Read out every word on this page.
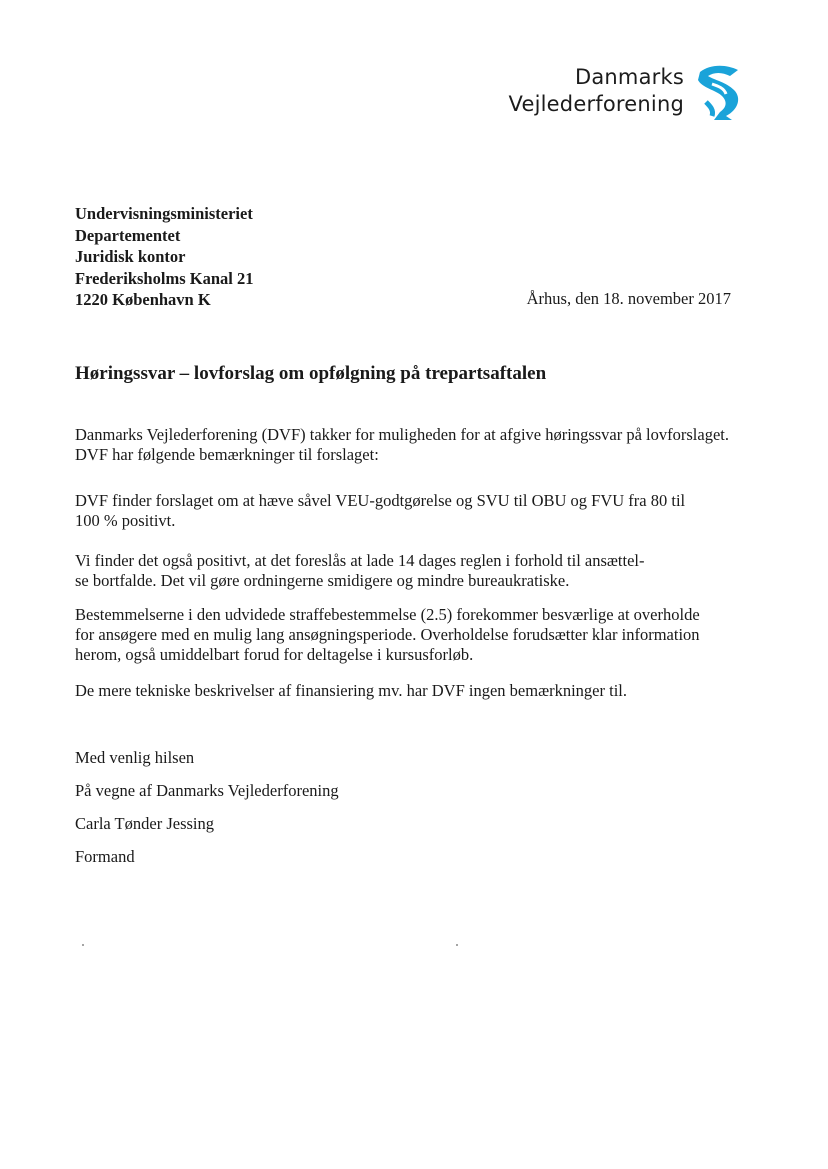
Danmarks
Vejlederforening
Undervisningsministeriet
Departementet
Juridisk kontor
Frederiksholms Kanal 21
1220 København K	Århus, den 18. november 2017
Høringssvar – lovforslag om opfølgning på trepartsaftalen

Danmarks Vejlederforening (DVF) takker for muligheden for at afgive høringssvar på lovforslaget.
DVF har følgende bemærkninger til forslaget:

DVF finder forslaget om at hæve såvel VEU-godtgørelse og SVU til OBU og FVU fra 80 til
100 % positivt.

Vi finder det også positivt, at det foreslås at lade 14 dages reglen i forhold til ansættel-
se bortfalde. Det vil gøre ordningerne smidigere og mindre bureaukratiske.

Bestemmelserne i den udvidede straffebestemmelse (2.5) forekommer besværlige at overholde
for ansøgere med en mulig lang ansøgningsperiode. Overholdelse forudsætter klar information
herom, også umiddelbart forud for deltagelse i kursusforløb.

De mere tekniske beskrivelser af finansiering mv. har DVF ingen bemærkninger til.

Med venlig hilsen
På vegne af Danmarks Vejlederforening
Carla Tønder Jessing
Formand
